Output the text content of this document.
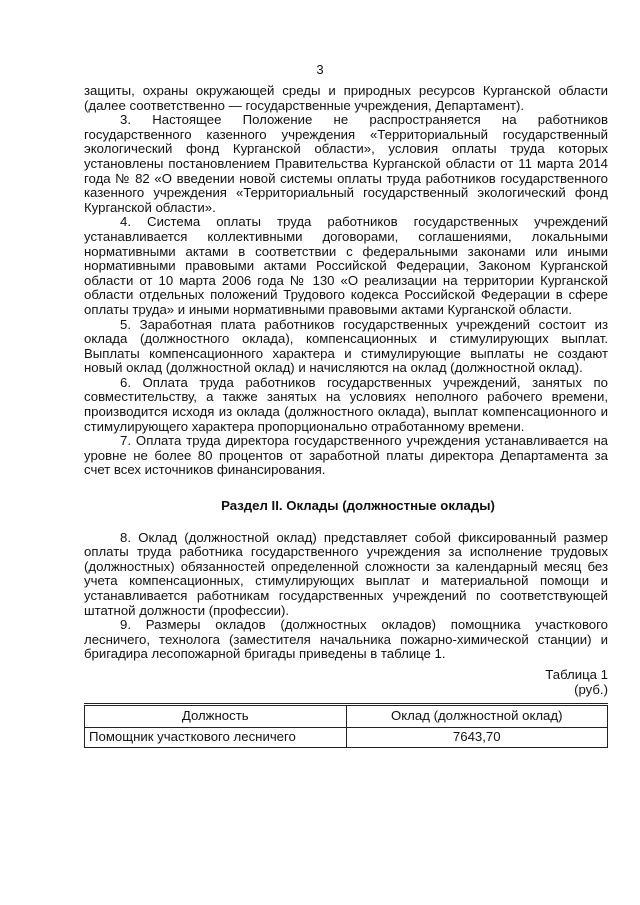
3

защиты, охраны окружающей среды и природных ресурсов Курганской области (далее соответственно — государственные учреждения, Департамент).

3. Настоящее Положение не распространяется на работников государственного казенного учреждения «Территориальный государственный экологический фонд Курганской области», условия оплаты труда которых установлены постановлением Правительства Курганской области от 11 марта 2014 года № 82 «О введении новой системы оплаты труда работников государственного казенного учреждения «Территориальный государственный экологический фонд Курганской области».

4. Система оплаты труда работников государственных учреждений устанавливается коллективными договорами, соглашениями, локальными нормативными актами в соответствии с федеральными законами или иными нормативными правовыми актами Российской Федерации, Законом Курганской области от 10 марта 2006 года № 130 «О реализации на территории Курганской области отдельных положений Трудового кодекса Российской Федерации в сфере оплаты труда» и иными нормативными правовыми актами Курганской области.

5. Заработная плата работников государственных учреждений состоит из оклада (должностного оклада), компенсационных и стимулирующих выплат. Выплаты компенсационного характера и стимулирующие выплаты не создают новый оклад (должностной оклад) и начисляются на оклад (должностной оклад).

6. Оплата труда работников государственных учреждений, занятых по совместительству, а также занятых на условиях неполного рабочего времени, производится исходя из оклада (должностного оклада), выплат компенсационного и стимулирующего характера пропорционально отработанному времени.

7. Оплата труда директора государственного учреждения устанавливается на уровне не более 80 процентов от заработной платы директора Департамента за счет всех источников финансирования.

Раздел II. Оклады (должностные оклады)

8. Оклад (должностной оклад) представляет собой фиксированный размер оплаты труда работника государственного учреждения за исполнение трудовых (должностных) обязанностей определенной сложности за календарный месяц без учета компенсационных, стимулирующих выплат и материальной помощи и устанавливается работникам государственных учреждений по соответствующей штатной должности (профессии).

9. Размеры окладов (должностных окладов) помощника участкового лесничего, технолога (заместителя начальника пожарно-химической станции) и бригадира лесопожарной бригады приведены в таблице 1.

Таблица 1
(руб.)
Должность	Оклад (должностной оклад)
Помощник участкового лесничего	7643,70
